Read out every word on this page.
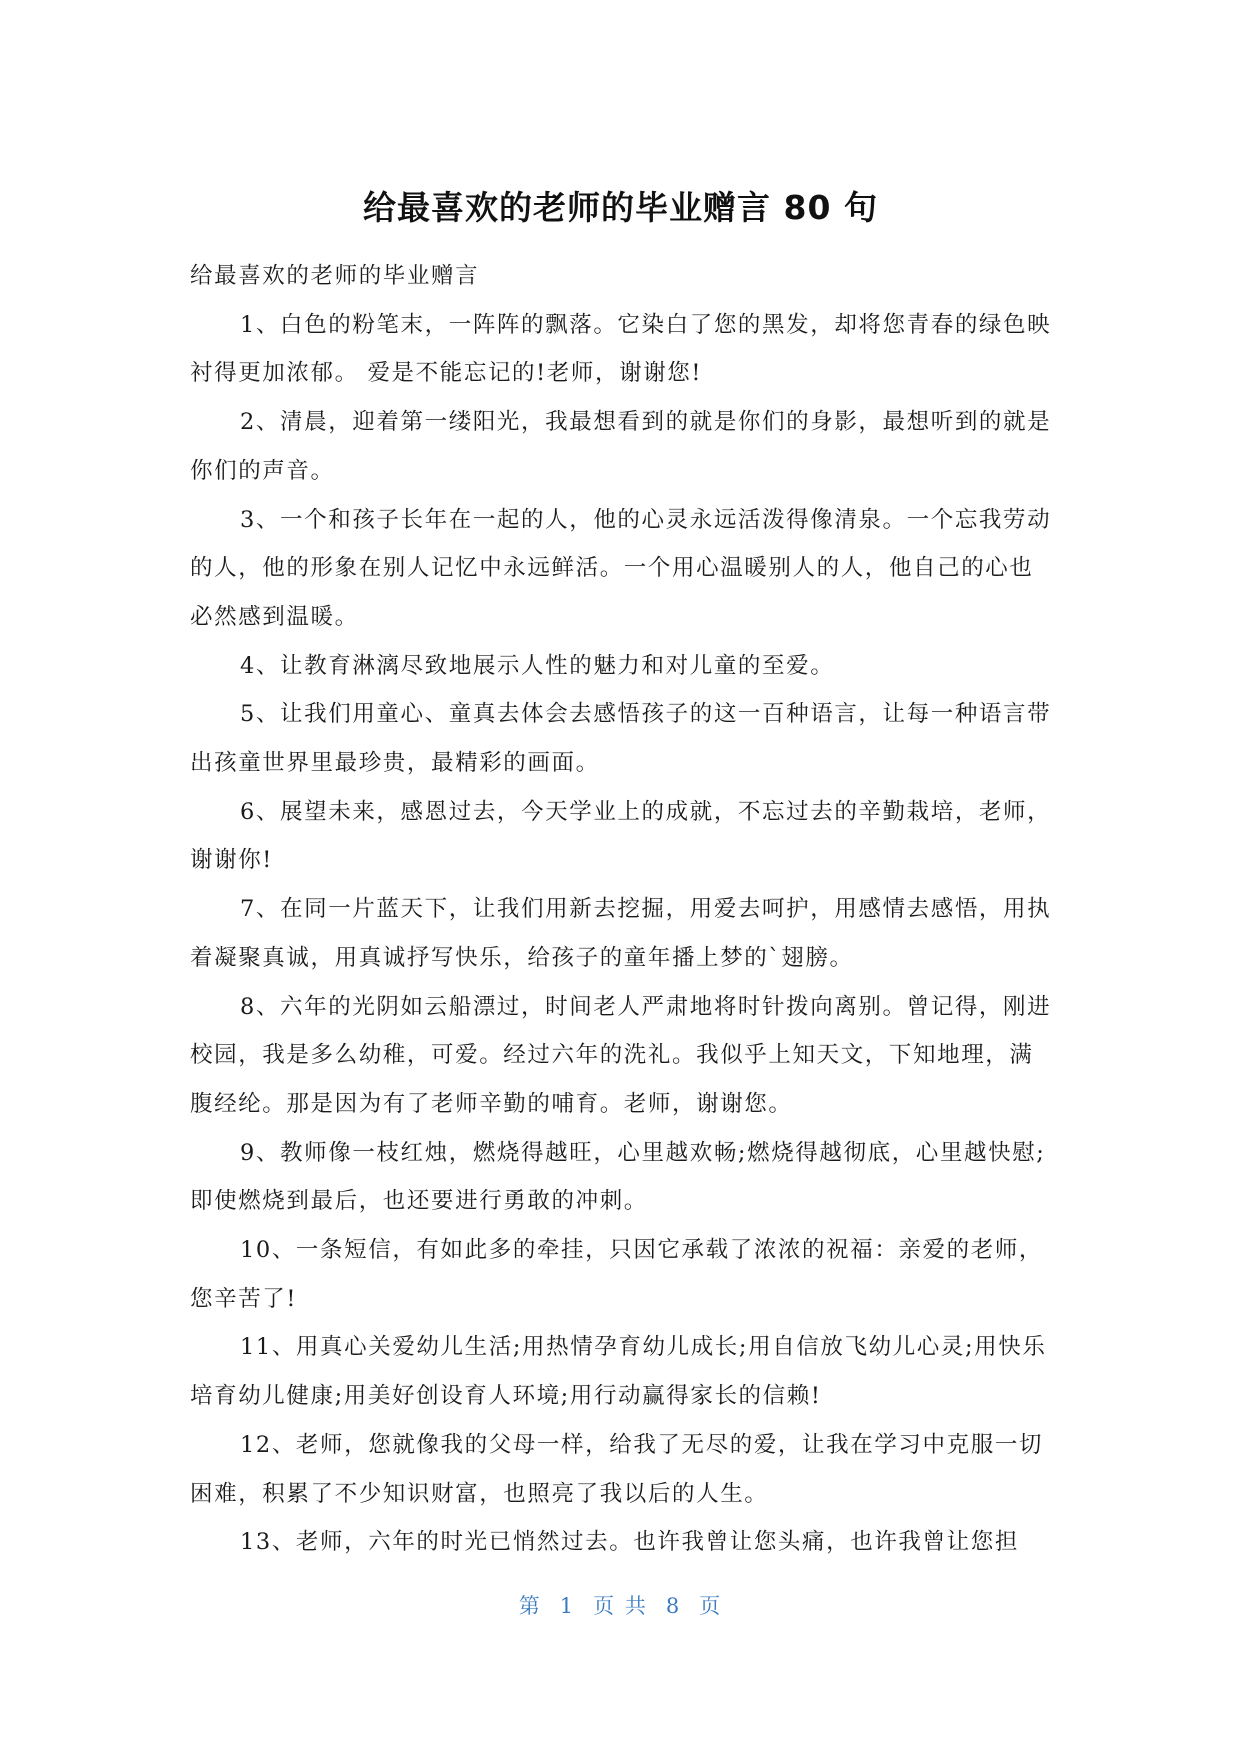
给最喜欢的老师的毕业赠言 80 句

给最喜欢的老师的毕业赠言

1、白色的粉笔末，一阵阵的飘落。它染白了您的黑发，却将您青春的绿色映衬得更加浓郁。 爱是不能忘记的!老师，谢谢您!

2、清晨，迎着第一缕阳光，我最想看到的就是你们的身影，最想听到的就是你们的声音。

3、一个和孩子长年在一起的人，他的心灵永远活泼得像清泉。一个忘我劳动的人，他的形象在别人记忆中永远鲜活。一个用心温暖别人的人，他自己的心也必然感到温暖。

4、让教育淋漓尽致地展示人性的魅力和对儿童的至爱。

5、让我们用童心、童真去体会去感悟孩子的这一百种语言，让每一种语言带出孩童世界里最珍贵，最精彩的画面。

6、展望未来，感恩过去，今天学业上的成就，不忘过去的辛勤栽培，老师，谢谢你!

7、在同一片蓝天下，让我们用新去挖掘，用爱去呵护，用感情去感悟，用执着凝聚真诚，用真诚抒写快乐，给孩子的童年播上梦的`翅膀。

8、六年的光阴如云船漂过，时间老人严肃地将时针拨向离别。曾记得，刚进校园，我是多么幼稚，可爱。经过六年的洗礼。我似乎上知天文，下知地理，满腹经纶。那是因为有了老师辛勤的哺育。老师，谢谢您。

9、教师像一枝红烛，燃烧得越旺，心里越欢畅;燃烧得越彻底，心里越快慰;即使燃烧到最后，也还要进行勇敢的冲刺。

10、一条短信，有如此多的牵挂，只因它承载了浓浓的祝福：亲爱的老师，您辛苦了!

11、用真心关爱幼儿生活;用热情孕育幼儿成长;用自信放飞幼儿心灵;用快乐培育幼儿健康;用美好创设育人环境;用行动赢得家长的信赖!

12、老师，您就像我的父母一样，给我了无尽的爱，让我在学习中克服一切困难，积累了不少知识财富，也照亮了我以后的人生。

13、老师，六年的时光已悄然过去。也许我曾让您头痛，也许我曾让您担

第 1 页 共 8 页
